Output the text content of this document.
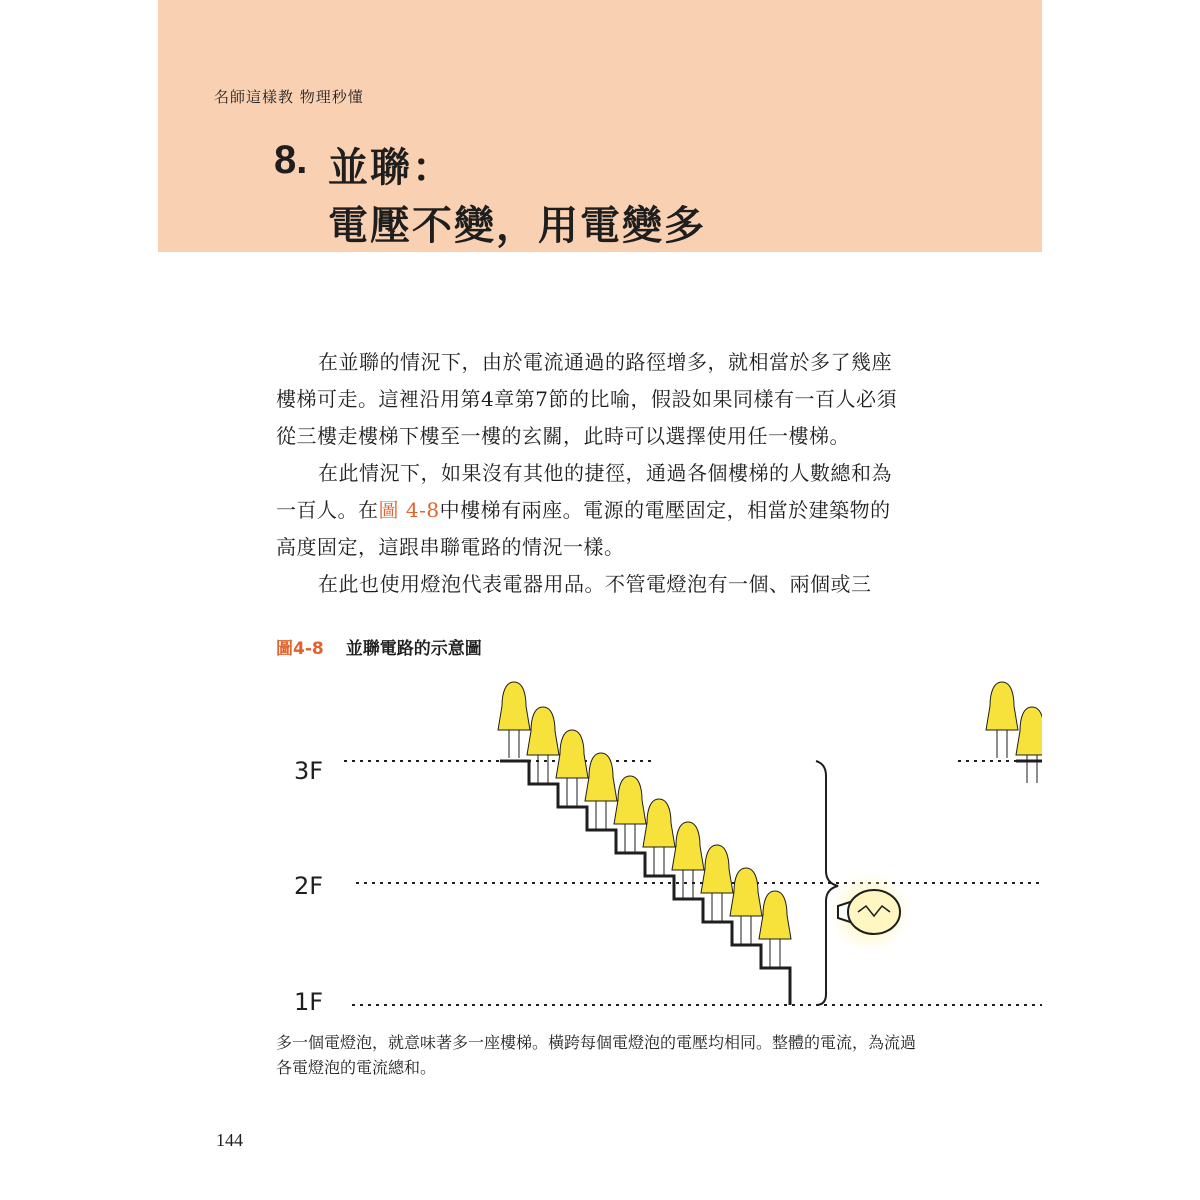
名師這樣教 物理秒懂
8. 並聯：
電壓不變，用電變多

在並聯的情況下，由於電流通過的路徑增多，就相當於多了幾座樓梯可走。這裡沿用第4章第7節的比喻，假設如果同樣有一百人必須從三樓走樓梯下樓至一樓的玄關，此時可以選擇使用任一樓梯。

在此情況下，如果沒有其他的捷徑，通過各個樓梯的人數總和為一百人。在圖 4-8中樓梯有兩座。電源的電壓固定，相當於建築物的高度固定，這跟串聯電路的情況一樣。

在此也使用燈泡代表電器用品。不管電燈泡有一個、兩個或三

圖4-8 並聯電路的示意圖
3F
2F
1F

多一個電燈泡，就意味著多一座樓梯。橫跨每個電燈泡的電壓均相同。整體的電流，為流過各電燈泡的電流總和。

144
